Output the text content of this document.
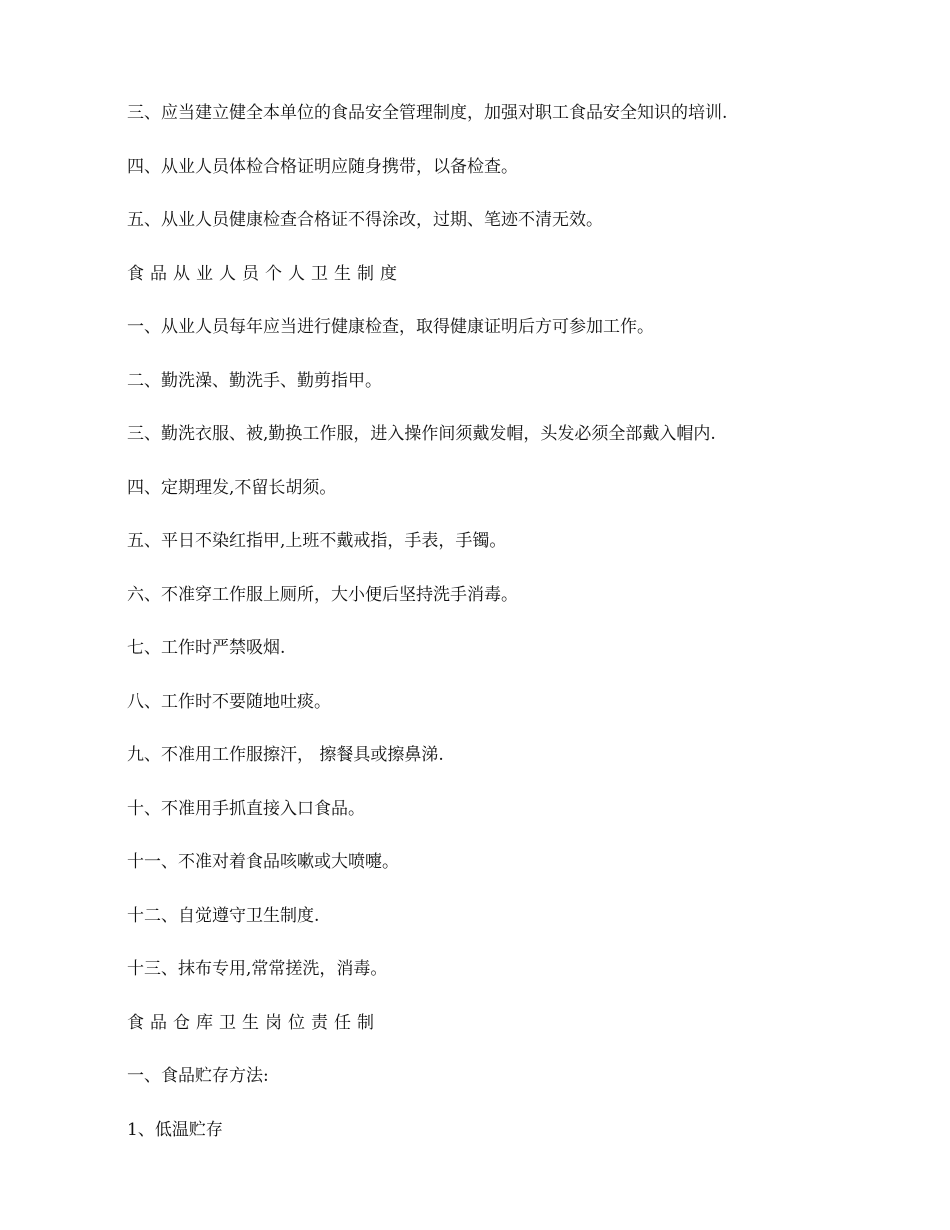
三、应当建立健全本单位的食品安全管理制度，加强对职工食品安全知识的培训.
四、从业人员体检合格证明应随身携带，以备检查。
五、从业人员健康检查合格证不得涂改，过期、笔迹不清无效。
食品从业人员个人卫生制度
一、从业人员每年应当进行健康检查，取得健康证明后方可参加工作。
二、勤洗澡、勤洗手、勤剪指甲。
三、勤洗衣服、被,勤换工作服，进入操作间须戴发帽，头发必须全部戴入帽内.
四、定期理发,不留长胡须。
五、平日不染红指甲,上班不戴戒指，手表，手镯。
六、不准穿工作服上厕所，大小便后坚持洗手消毒。
七、工作时严禁吸烟.
八、工作时不要随地吐痰。
九、不准用工作服擦汗， 擦餐具或擦鼻涕.
十、不准用手抓直接入口食品。
十一、不准对着食品咳嗽或大喷嚏。
十二、自觉遵守卫生制度.
十三、抹布专用,常常搓洗，消毒。
食品仓库卫生岗位责任制
一、食品贮存方法:
1、低温贮存
